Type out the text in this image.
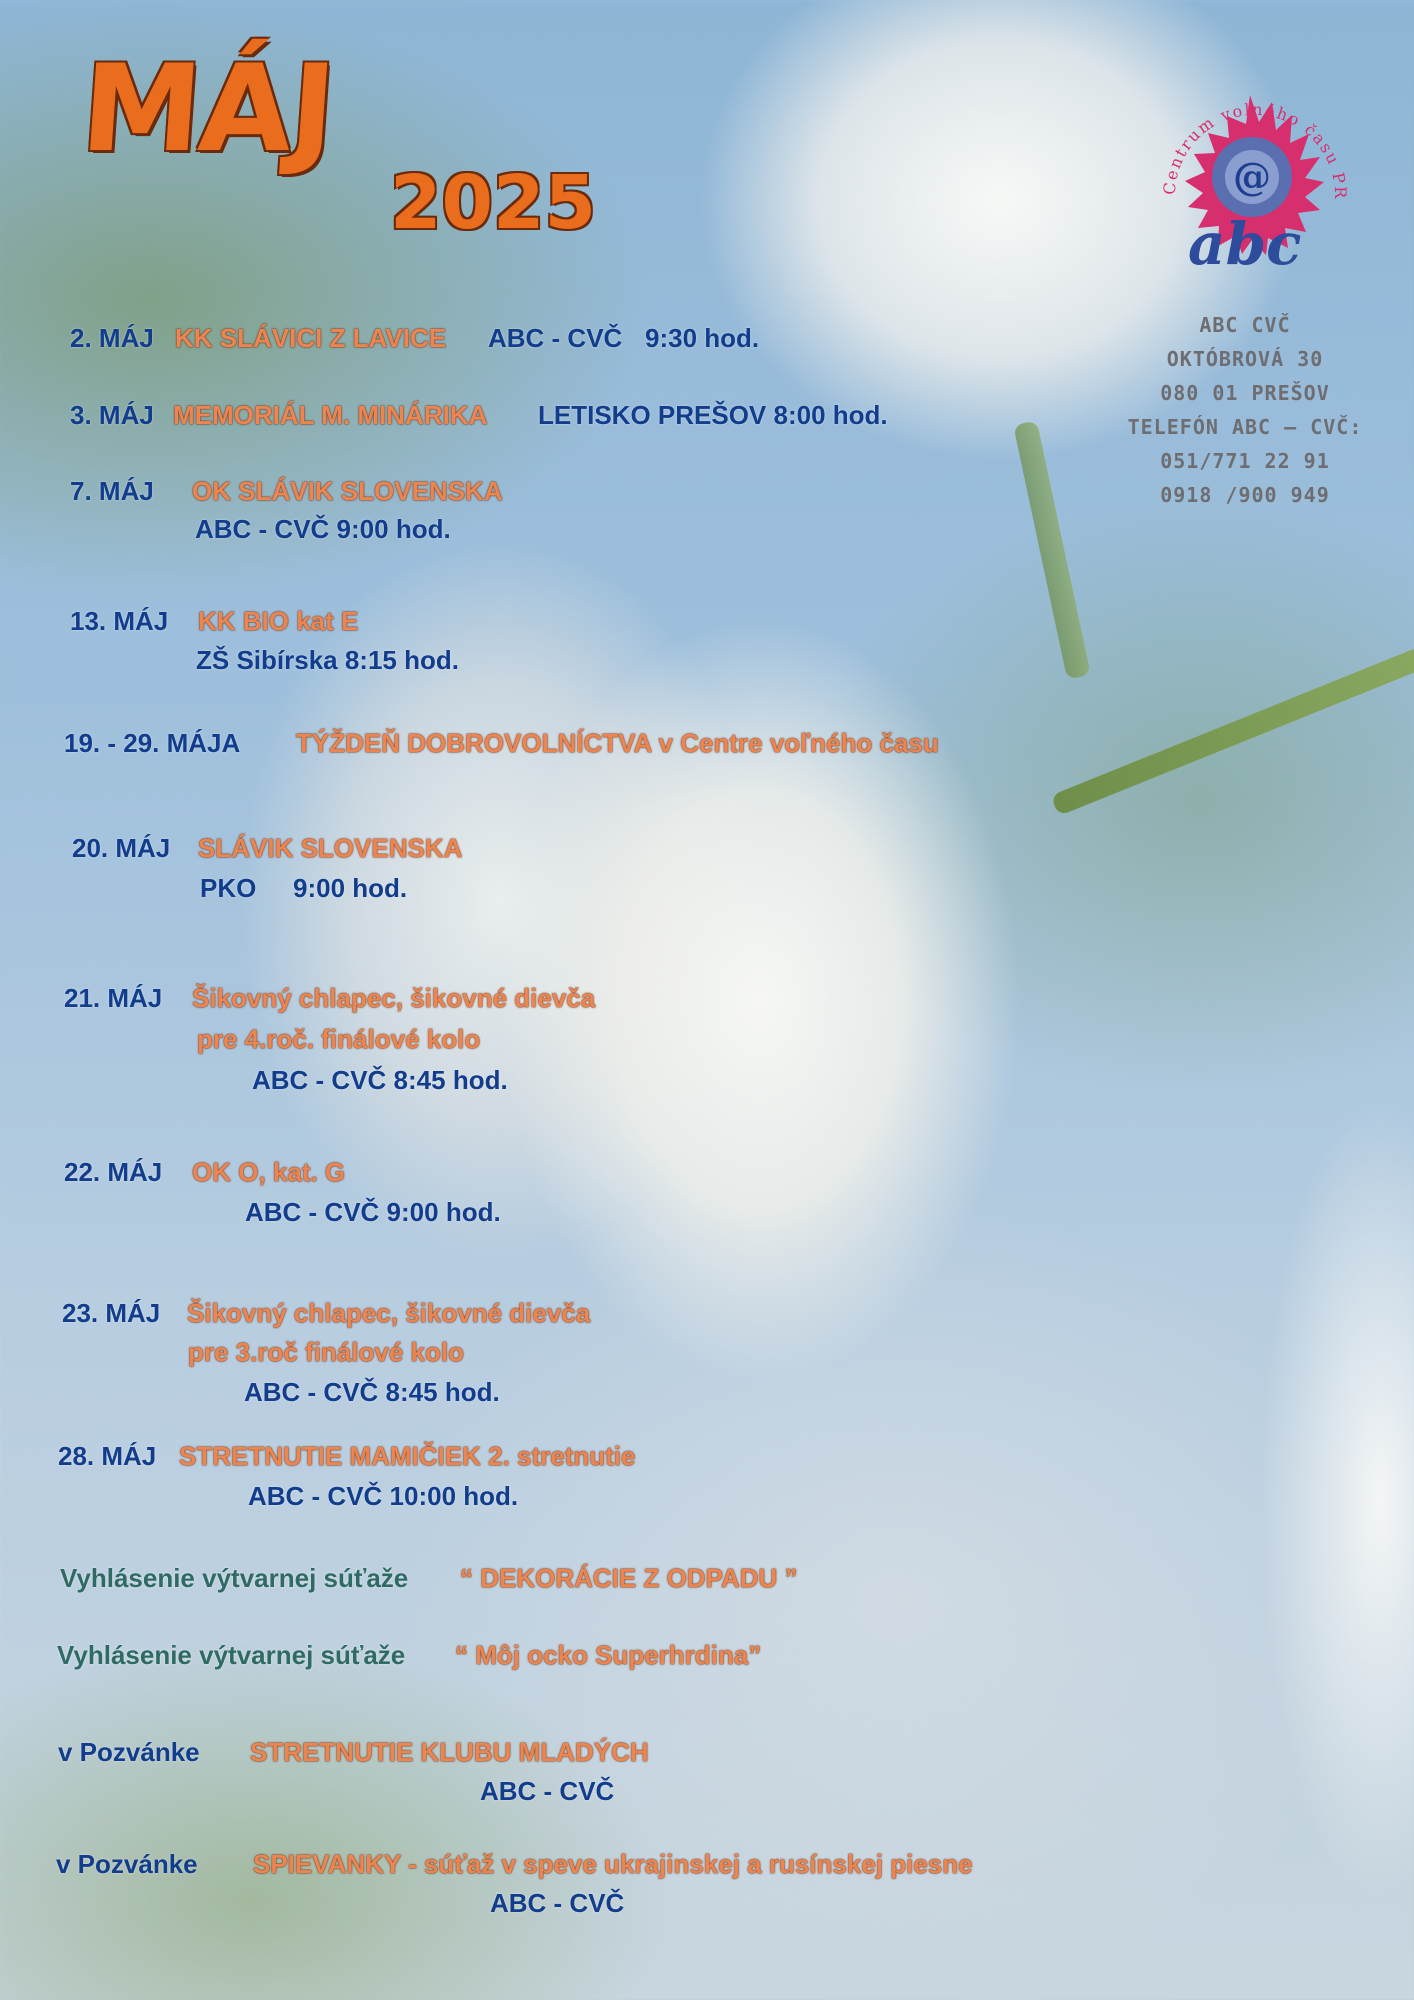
MÁJ
2025	@
Centrum voľného času PR
abc
ABC CVČ
OKTÓBROVÁ 30
080 01 PREŠOV
TELEFÓN ABC – CVČ:
051/771 22 91
0918 /900 949
2. MÁJ KK SLÁVICI Z LAVICE ABC - CVČ 9:30 hod.
3. MÁJ MEMORIÁL M. MINÁRIKA LETISKO PREŠOV 8:00 hod.
7. MÁJ OK SLÁVIK SLOVENSKA
ABC - CVČ 9:00 hod.
13. MÁJ KK BIO kat E
ZŠ Sibírska 8:15 hod.
19. - 29. MÁJA TÝŽDEŇ DOBROVOLNÍCTVA v Centre voľného času
20. MÁJ SLÁVIK SLOVENSKA
PKO 9:00 hod.
21. MÁJ Šikovný chlapec, šikovné dievča
pre 4.roč. finálové kolo
ABC - CVČ 8:45 hod.
22. MÁJ OK O, kat. G
ABC - CVČ 9:00 hod.
23. MÁJ Šikovný chlapec, šikovné dievča
pre 3.roč finálové kolo
ABC - CVČ 8:45 hod.
28. MÁJ STRETNUTIE MAMIČIEK 2. stretnutie
ABC - CVČ 10:00 hod.
Vyhlásenie výtvarnej súťaže “ DEKORÁCIE Z ODPADU ”
Vyhlásenie výtvarnej súťaže “ Môj ocko Superhrdina”
v Pozvánke STRETNUTIE KLUBU MLADÝCH
ABC - CVČ
v Pozvánke SPIEVANKY - súťaž v speve ukrajinskej a rusínskej piesne
ABC - CVČ
